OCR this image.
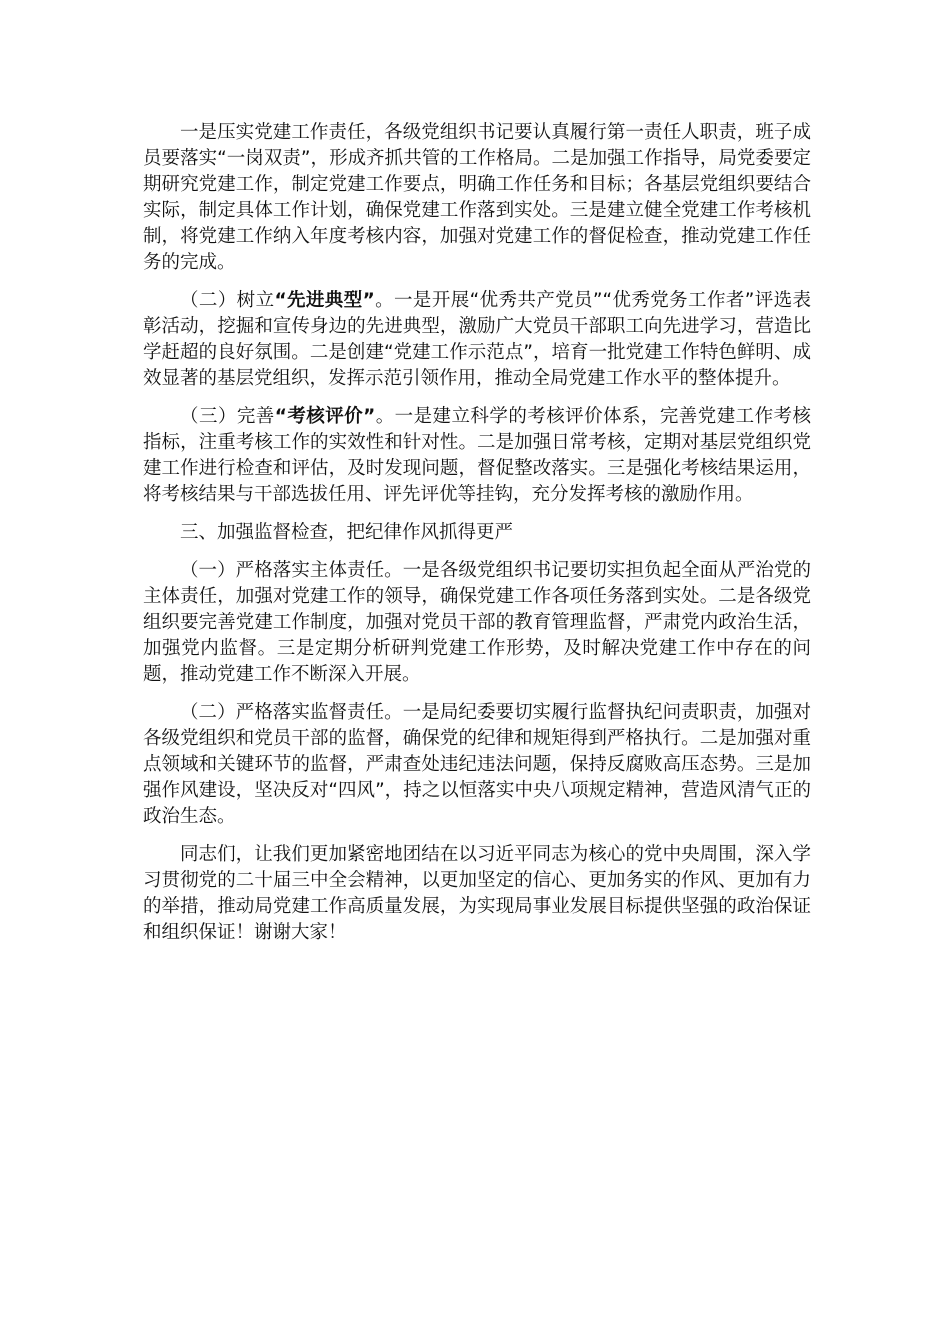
一是压实党建工作责任，各级党组织书记要认真履行第一责任人职责，班子成员要落实“一岗双责”，形成齐抓共管的工作格局。二是加强工作指导，局党委要定期研究党建工作，制定党建工作要点，明确工作任务和目标；各基层党组织要结合实际，制定具体工作计划，确保党建工作落到实处。三是建立健全党建工作考核机制，将党建工作纳入年度考核内容，加强对党建工作的督促检查，推动党建工作任务的完成。

（二）树立“先进典型”。一是开展“优秀共产党员”“优秀党务工作者”评选表彰活动，挖掘和宣传身边的先进典型，激励广大党员干部职工向先进学习，营造比学赶超的良好氛围。二是创建“党建工作示范点”，培育一批党建工作特色鲜明、成效显著的基层党组织，发挥示范引领作用，推动全局党建工作水平的整体提升。

（三）完善“考核评价”。一是建立科学的考核评价体系，完善党建工作考核指标，注重考核工作的实效性和针对性。二是加强日常考核，定期对基层党组织党建工作进行检查和评估，及时发现问题，督促整改落实。三是强化考核结果运用，将考核结果与干部选拔任用、评先评优等挂钩，充分发挥考核的激励作用。

三、加强监督检查，把纪律作风抓得更严

（一）严格落实主体责任。一是各级党组织书记要切实担负起全面从严治党的主体责任，加强对党建工作的领导，确保党建工作各项任务落到实处。二是各级党组织要完善党建工作制度，加强对党员干部的教育管理监督，严肃党内政治生活，加强党内监督。三是定期分析研判党建工作形势，及时解决党建工作中存在的问题，推动党建工作不断深入开展。

（二）严格落实监督责任。一是局纪委要切实履行监督执纪问责职责，加强对各级党组织和党员干部的监督，确保党的纪律和规矩得到严格执行。二是加强对重点领域和关键环节的监督，严肃查处违纪违法问题，保持反腐败高压态势。三是加强作风建设，坚决反对“四风”，持之以恒落实中央八项规定精神，营造风清气正的政治生态。

同志们，让我们更加紧密地团结在以习近平同志为核心的党中央周围，深入学习贯彻党的二十届三中全会精神，以更加坚定的信心、更加务实的作风、更加有力的举措，推动局党建工作高质量发展，为实现局事业发展目标提供坚强的政治保证和组织保证！谢谢大家！
